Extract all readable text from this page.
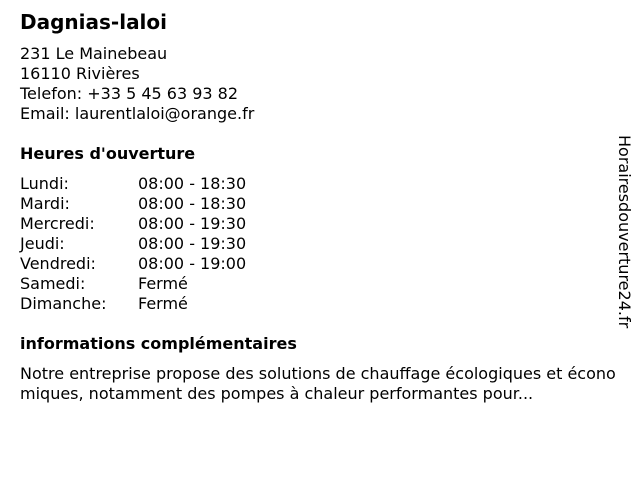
Dagnias-laloi
231 Le Mainebeau
16110 Rivières
Telefon: +33 5 45 63 93 82
Email: laurentlaloi@orange.fr
Heures d'ouverture
Lundi:	08:00 - 18:30
Mardi:	08:00 - 18:30
Mercredi:	08:00 - 19:30
Jeudi:	08:00 - 19:30
Vendredi:	08:00 - 19:00
Samedi:	Fermé
Dimanche: Fermé
informations complémentaires
Notre entreprise propose des solutions de chauffage écologiques et économiques, notamment des pompes à chaleur performantes pour...
Horairesdouverture24.fr
